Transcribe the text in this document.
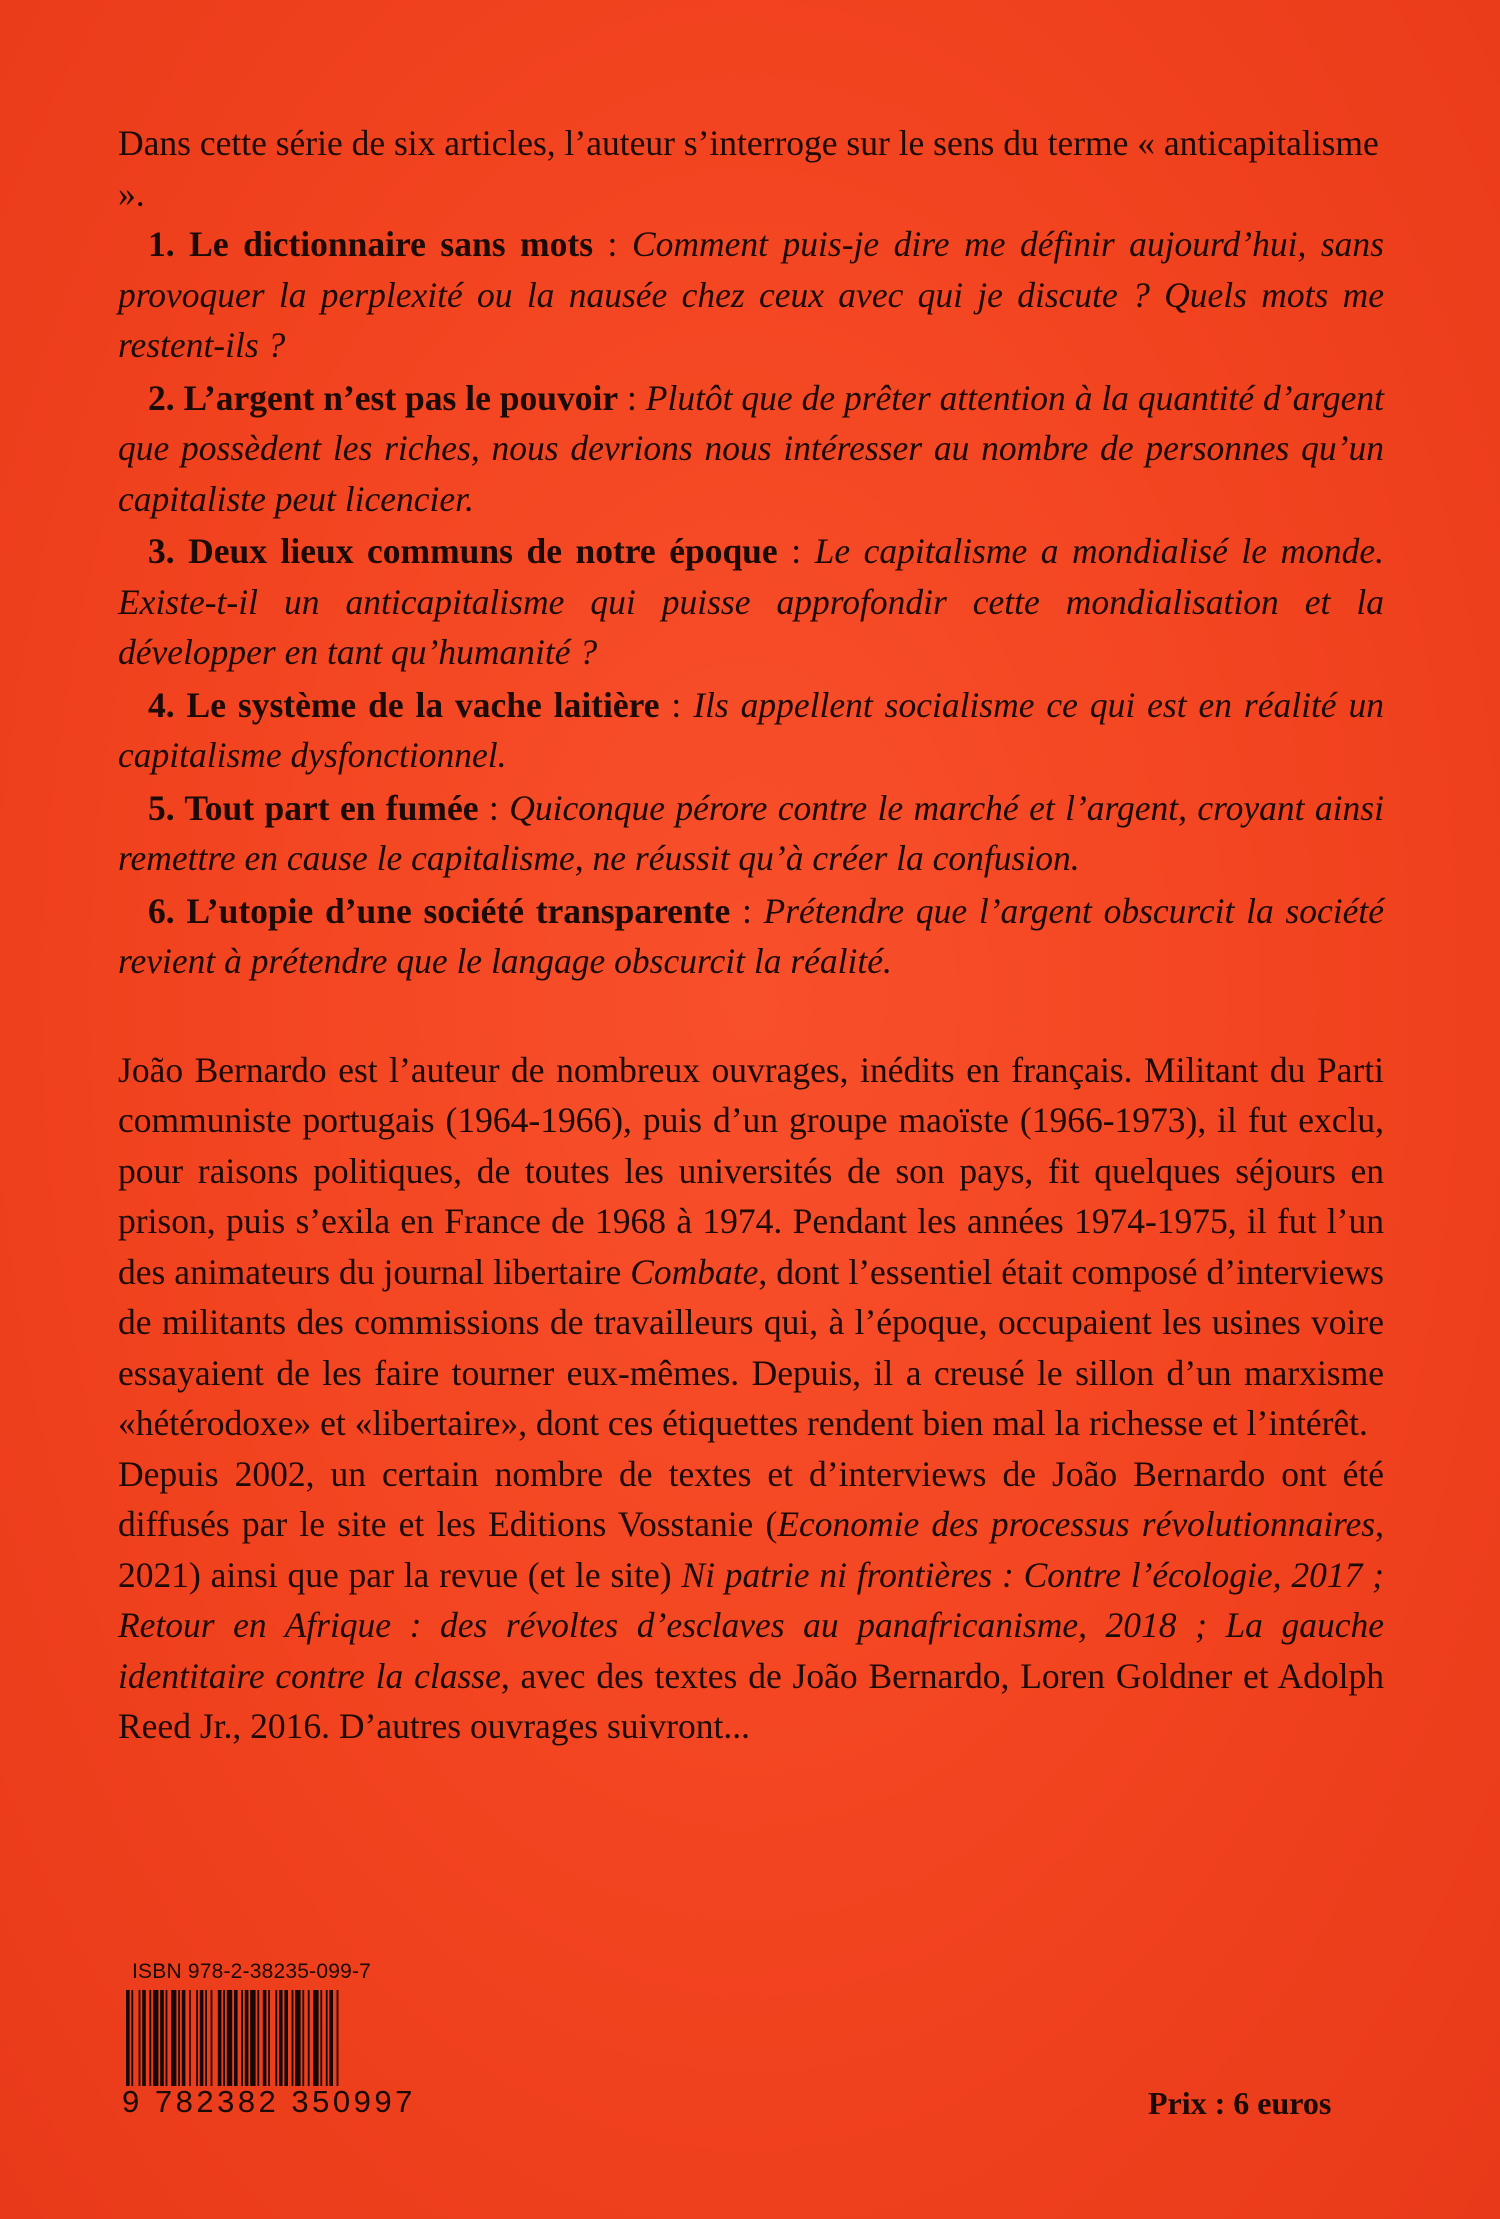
Dans cette série de six articles, l’auteur s’interroge sur le sens du terme « anticapitalisme ».

1. Le dictionnaire sans mots : Comment puis-je dire me définir aujourd’hui, sans provoquer la perplexité ou la nausée chez ceux avec qui je discute ? Quels mots me restent-ils ?

2. L’argent n’est pas le pouvoir : Plutôt que de prêter attention à la quantité d’argent que possèdent les riches, nous devrions nous intéresser au nombre de personnes qu’un capitaliste peut licencier.

3. Deux lieux communs de notre époque : Le capitalisme a mondialisé le monde. Existe-t-il un anticapitalisme qui puisse approfondir cette mondialisation et la développer en tant qu’humanité ?

4. Le système de la vache laitière : Ils appellent socialisme ce qui est en réalité un capitalisme dysfonctionnel.

5. Tout part en fumée : Quiconque pérore contre le marché et l’argent, croyant ainsi remettre en cause le capitalisme, ne réussit qu’à créer la confusion.

6. L’utopie d’une société transparente : Prétendre que l’argent obscurcit la société revient à prétendre que le langage obscurcit la réalité.

João Bernardo est l’auteur de nombreux ouvrages, inédits en français. Militant du Parti communiste portugais (1964-1966), puis d’un groupe maoïste (1966-1973), il fut exclu, pour raisons politiques, de toutes les universités de son pays, fit quelques séjours en prison, puis s’exila en France de 1968 à 1974. Pendant les années 1974-1975, il fut l’un des animateurs du journal libertaire Combate, dont l’essentiel était composé d’interviews de militants des commissions de travailleurs qui, à l’époque, occupaient les usines voire essayaient de les faire tourner eux-mêmes. Depuis, il a creusé le sillon d’un marxisme «hétérodoxe» et «libertaire», dont ces étiquettes rendent bien mal la richesse et l’intérêt.

Depuis 2002, un certain nombre de textes et d’interviews de João Bernardo ont été diffusés par le site et les Editions Vosstanie (Economie des processus révolutionnaires, 2021) ainsi que par la revue (et le site) Ni patrie ni frontières : Contre l’écologie, 2017 ; Retour en Afrique : des révoltes d’esclaves au panafricanisme, 2018 ; La gauche identitaire contre la classe, avec des textes de João Bernardo, Loren Goldner et Adolph Reed Jr., 2016. D’autres ouvrages suivront...

ISBN 978-2-38235-099-7
9 782382 350997	Prix : 6 euros
